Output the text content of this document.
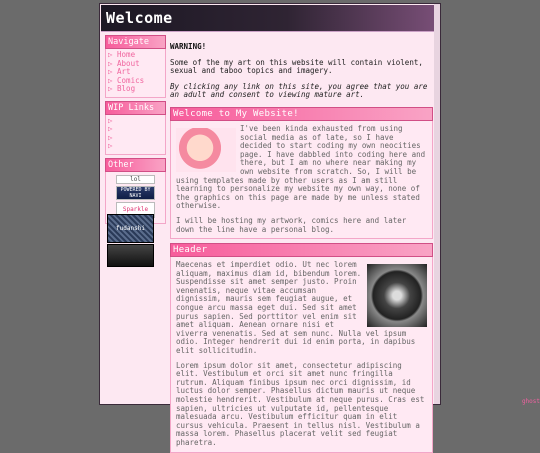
Welcome
Navigate
▷ Home
▷ About
▷ Art
▷ Comics
▷ Blog
WIP Links
▷
▷
▷
▷
Other
lol
POWERED BY NAVI
Sparkle
fudanshi

WARNING!

Some of the my art on this website will contain violent, sexual and taboo topics and imagery.

By clicking any link on this site, you agree that you are an adult and consent to viewing mature art.

Welcome to My Website!
I've been kinda exhausted from using social media as of late, so I have decided to start coding my own neocities page. I have dabbled into coding here and there, but I am no where near making my own website from scratch. So, I will be using templates made by other users as I am still learning to personalize my website my own way, none of the graphics on this page are made by me unless stated otherwise.
I will be hosting my artwork, comics here and later down the line have a personal blog.
Header
Maecenas et imperdiet odio. Ut nec lorem aliquam, maximus diam id, bibendum lorem. Suspendisse sit amet semper justo. Proin venenatis, neque vitae accumsan dignissim, mauris sem feugiat augue, et congue arcu massa eget dui. Sed sit amet purus sapien. Sed porttitor vel enim sit amet aliquam. Aenean ornare nisi et viverra venenatis. Sed at sem nunc. Nulla vel ipsum odio. Integer hendrerit dui id enim porta, in dapibus elit sollicitudin.
Lorem ipsum dolor sit amet, consectetur adipiscing elit. Vestibulum et orci sit amet nunc fringilla rutrum. Aliquam finibus ipsum nec orci dignissim, id luctus dolor semper. Phasellus dictum mauris ut neque molestie hendrerit. Vestibulum at neque purus. Cras est sapien, ultricies ut vulputate id, pellentesque malesuada arcu. Vestibulum efficitur quam in elit cursus vehicula. Praesent in tellus nisl. Vestibulum a massa lorem. Phasellus placerat velit sed feugiat pharetra.
ghost
